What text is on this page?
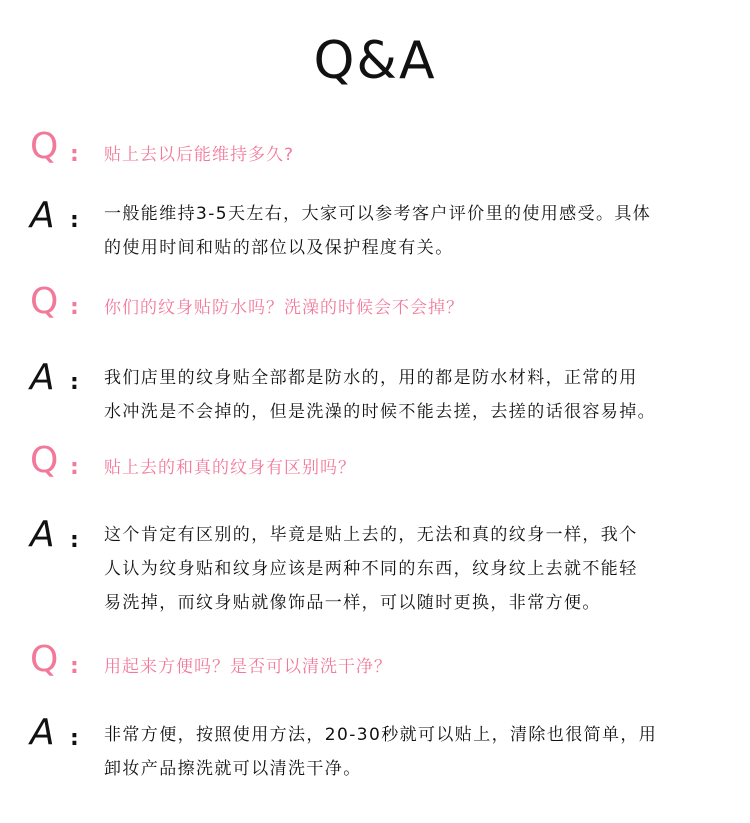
Q&A
Q : 贴上去以后能维持多久?
A : 一般能维持3-5天左右，大家可以参考客户评价里的使用感受。具体
的使用时间和贴的部位以及保护程度有关。
Q : 你们的纹身贴防水吗？洗澡的时候会不会掉？
A : 我们店里的纹身贴全部都是防水的，用的都是防水材料，正常的用
水冲洗是不会掉的，但是洗澡的时候不能去搓，去搓的话很容易掉。
Q : 贴上去的和真的纹身有区别吗？
A : 这个肯定有区别的，毕竟是贴上去的，无法和真的纹身一样，我个
人认为纹身贴和纹身应该是两种不同的东西，纹身纹上去就不能轻
易洗掉，而纹身贴就像饰品一样，可以随时更换，非常方便。
Q : 用起来方便吗？是否可以清洗干净？
A : 非常方便，按照使用方法，20-30秒就可以贴上，清除也很简单，用
卸妆产品擦洗就可以清洗干净。
